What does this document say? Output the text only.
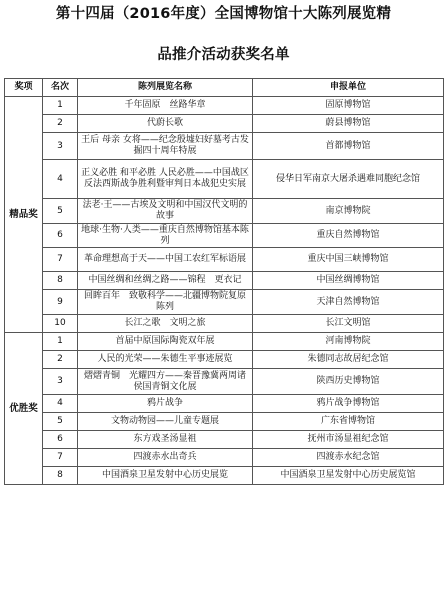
第十四届（2016年度）全国博物馆十大陈列展览精
品推介活动获奖名单
奖项	名次	陈列展览名称	申报单位
精品奖	1	千年固原　丝路华章	固原博物馆
	2	代蔚长歌	蔚县博物馆
	3	王后 母亲 女将——纪念殷墟妇好墓考古发掘四十周年特展	首都博物馆
	4	正义必胜 和平必胜 人民必胜——中国战区反法西斯战争胜利暨审判日本战犯史实展	侵华日军南京大屠杀遇难同胞纪念馆
	5	法老·王——古埃及文明和中国汉代文明的故事	南京博物院
	6	地球·生物·人类——重庆自然博物馆基本陈列	重庆自然博物馆
	7	革命理想高于天——中国工农红军标语展	重庆中国三峡博物馆
	8	中国丝绸和丝绸之路——锦程　更衣记	中国丝绸博物馆
	9	回眸百年　致敬科学——北疆博物院复原陈列	天津自然博物馆
	10	长江之歌　文明之旅	长江文明馆
优胜奖	1	首届中原国际陶瓷双年展	河南博物院
	2	人民的光荣——朱德生平事迹展览	朱德同志故居纪念馆
	3	熠熠青铜　光耀四方——秦晋豫冀两周诸侯国青铜文化展	陕西历史博物馆
	4	鸦片战争	鸦片战争博物馆
	5	文物动物园——儿童专题展	广东省博物馆
	6	东方戏圣汤显祖	抚州市汤显祖纪念馆
	7	四渡赤水出奇兵	四渡赤水纪念馆
	8	中国酒泉卫星发射中心历史展览	中国酒泉卫星发射中心历史展览馆
